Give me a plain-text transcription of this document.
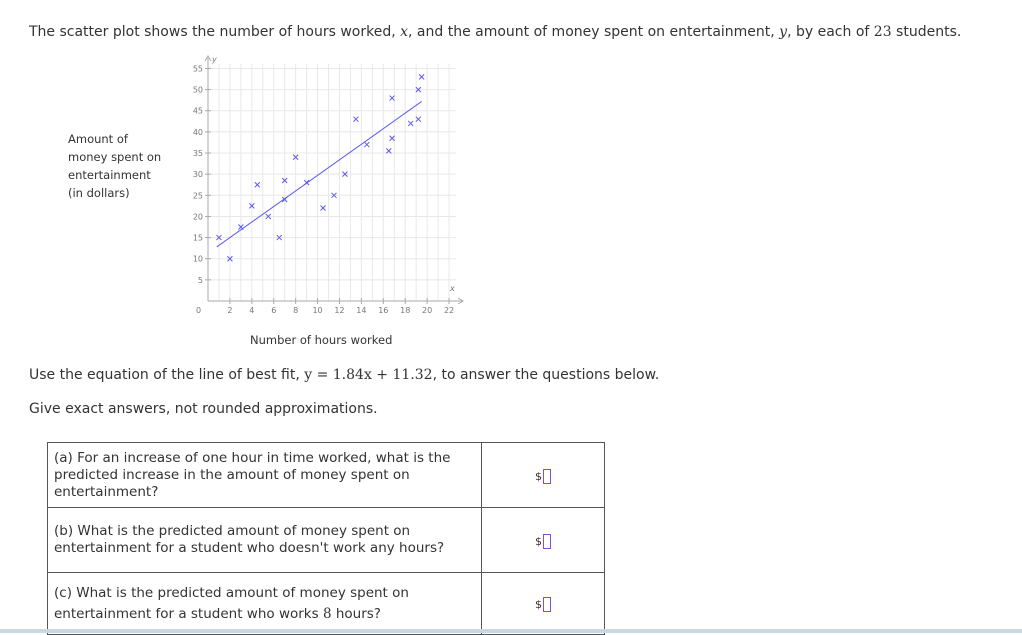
The scatter plot shows the number of hours worked, x, and the amount of money spent on entertainment, y, by each of 23 students.
Amount of
money spent on
entertainment
(in dollars)
x
y
0	2 4 6 8 10 12 14 16 18 20 22
5
10
15
20
25
30
35
40
45
50
55
Number of hours worked
Use the equation of the line of best fit, y = 1.84x + 11.32, to answer the questions below.
Give exact answers, not rounded approximations.
(a) For an increase of one hour in time worked, what is the predicted increase in the amount of money spent on entertainment?	$
(b) What is the predicted amount of money spent on entertainment for a student who doesn't work any hours?	$
(c) What is the predicted amount of money spent on entertainment for a student who works 8 hours?	$
